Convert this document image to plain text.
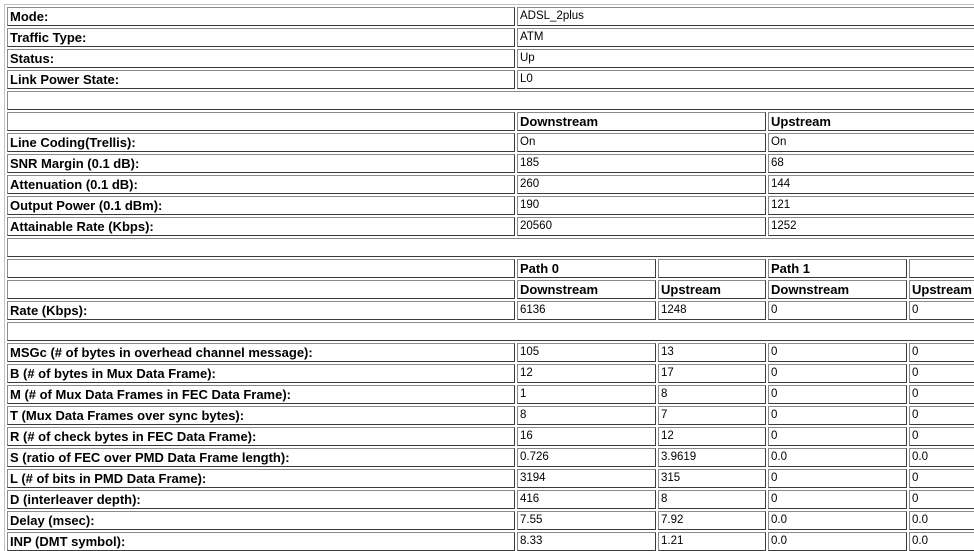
Mode:	ADSL_2plus			
Traffic Type:	ATM			
Status:	Up			
Link Power State:	L0			

	Downstream		Upstream	
Line Coding(Trellis):	On		On	
SNR Margin (0.1 dB):	185		68	
Attenuation (0.1 dB):	260		144	
Output Power (0.1 dBm):	190		121	
Attainable Rate (Kbps):	20560		1252	

	Path 0		Path 1	
	Downstream	Upstream	Downstream	Upstream
Rate (Kbps):	6136	1248	0	0

MSGc (# of bytes in overhead channel message):	105	13	0	0
B (# of bytes in Mux Data Frame):	12	17	0	0
M (# of Mux Data Frames in FEC Data Frame):	1	8	0	0
T (Mux Data Frames over sync bytes):	8	7	0	0
R (# of check bytes in FEC Data Frame):	16	12	0	0
S (ratio of FEC over PMD Data Frame length):	0.726	3.9619	0.0	0.0
L (# of bits in PMD Data Frame):	3194	315	0	0
D (interleaver depth):	416	8	0	0
Delay (msec):	7.55	7.92	0.0	0.0
INP (DMT symbol):	8.33	1.21	0.0	0.0
